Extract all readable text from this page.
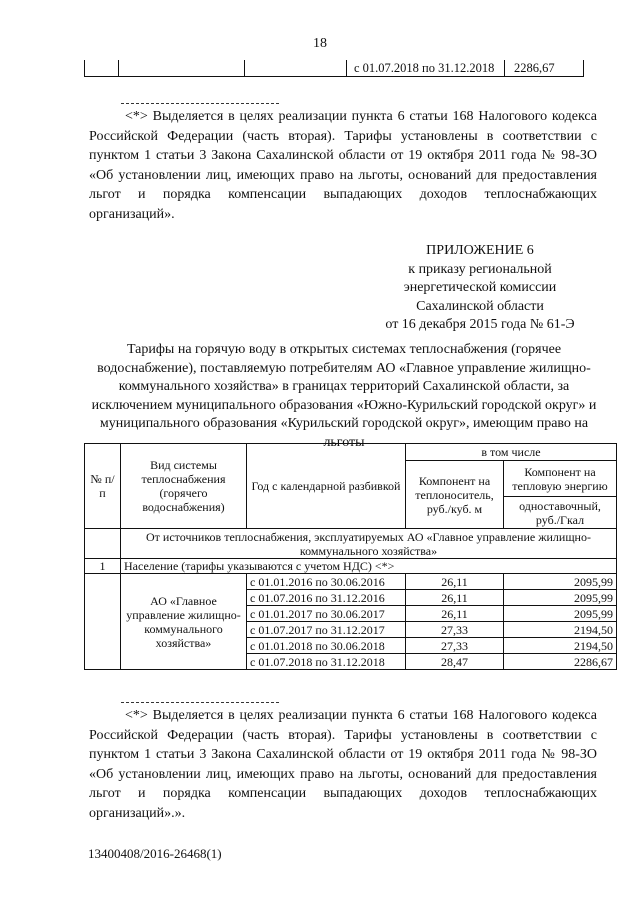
18
с 01.07.2018 по 31.12.2018 2286,67
<*> Выделяется в целях реализации пункта 6 статьи 168 Налогового кодекса Российской Федерации (часть вторая). Тарифы установлены в соответствии с пунктом 1 статьи 3 Закона Сахалинской области от 19 октября 2011 года № 98-ЗО «Об установлении лиц, имеющих право на льготы, оснований для предоставления льгот и порядка компенсации выпадающих доходов теплоснабжающих организаций».
ПРИЛОЖЕНИЕ 6
к приказу региональной
энергетической комиссии
Сахалинской области
от 16 декабря 2015 года № 61-Э
Тарифы на горячую воду в открытых системах теплоснабжения (горячее водоснабжение), поставляемую потребителям АО «Главное управление жилищно-коммунального хозяйства» в границах территорий Сахалинской области, за исключением муниципального образования «Южно-Курильский городской округ» и муниципального образования «Курильский городской округ», имеющим право на льготы
№ п/п	Вид системы теплоснабжения (горячего водоснабжения)	Год с календарной разбивкой	в том числе	
			Компонент на теплоноситель, руб./куб. м	Компонент на тепловую энергию

				одноставочный, руб./Гкал
	От источников теплоснабжения, эксплуатируемых АО «Главное управление жилищно-коммунального хозяйства»			
1	Население (тарифы указываются с учетом НДС) <*>			
	АО «Главное управление жилищно-коммунального хозяйства»	с 01.01.2016 по 30.06.2016	26,11	2095,99
		с 01.07.2016 по 31.12.2016	26,11	2095,99
		с 01.01.2017 по 30.06.2017	26,11	2095,99
		с 01.07.2017 по 31.12.2017	27,33	2194,50
		с 01.01.2018 по 30.06.2018	27,33	2194,50
		с 01.07.2018 по 31.12.2018	28,47	2286,67
<*> Выделяется в целях реализации пункта 6 статьи 168 Налогового кодекса Российской Федерации (часть вторая). Тарифы установлены в соответствии с пунктом 1 статьи 3 Закона Сахалинской области от 19 октября 2011 года № 98-ЗО «Об установлении лиц, имеющих право на льготы, оснований для предоставления льгот и порядка компенсации выпадающих доходов теплоснабжающих организаций».».
13400408/2016-26468(1)
